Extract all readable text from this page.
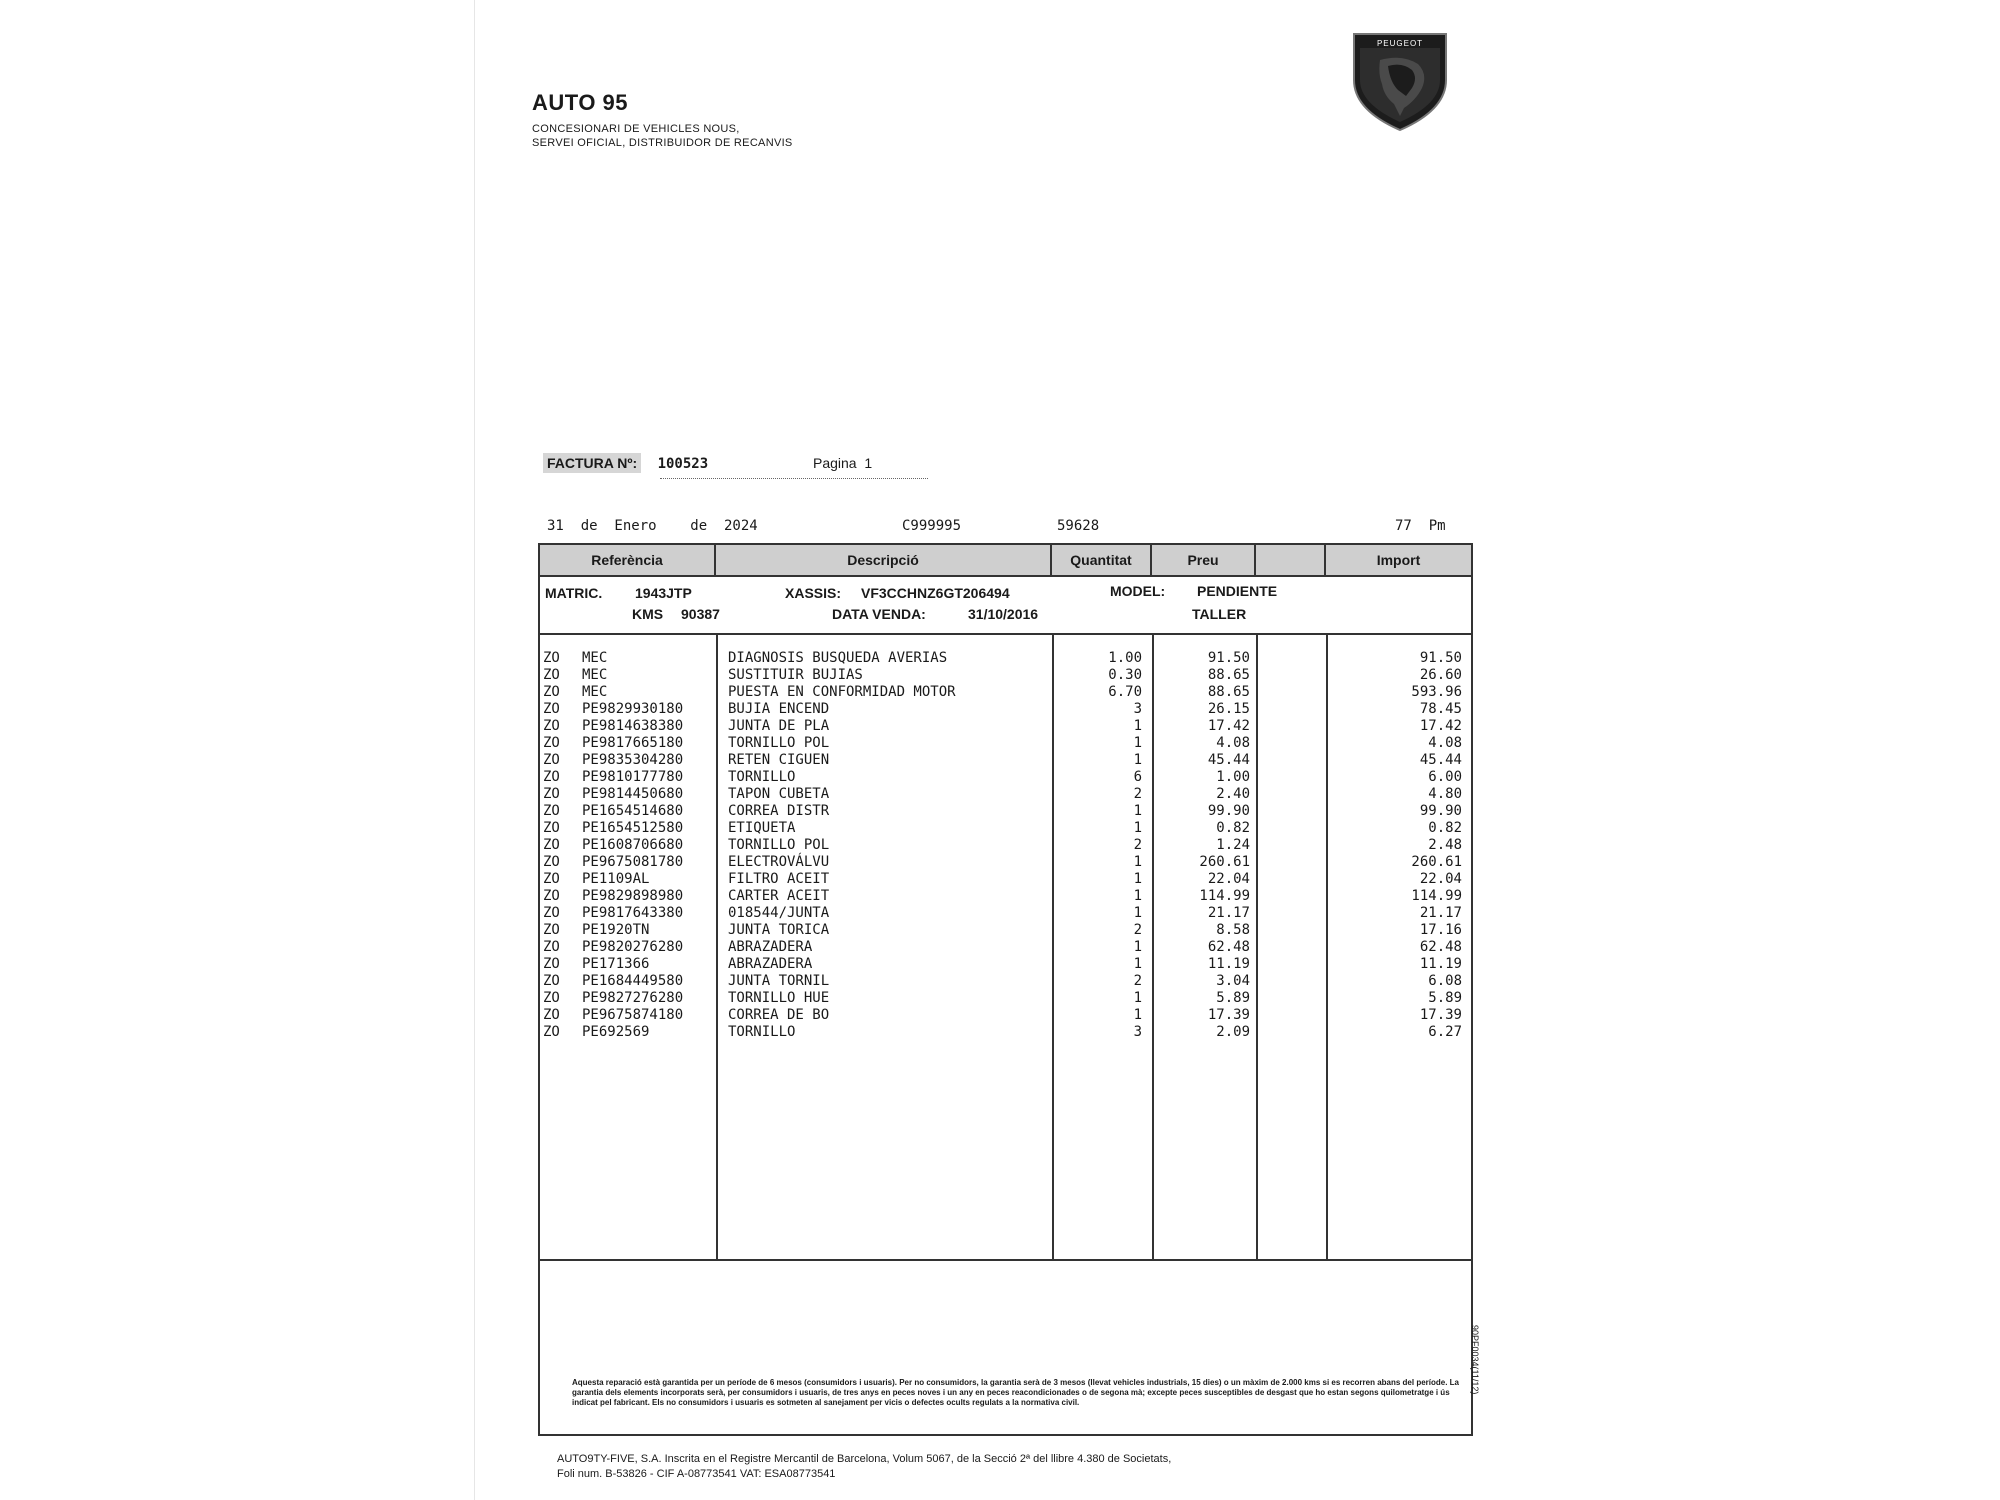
AUTO 95
CONCESIONARI DE VEHICLES NOUS,
SERVEI OFICIAL, DISTRIBUIDOR DE RECANVIS
PEUGEOT
FACTURA Nº: 100523	Pagina 1
31  de  Enero    de  2024	C999995	59628	77  Pm
Referència	Descripció	Quantitat	Preu	Import
MATRIC. 1943JTP	XASSIS: VF3CCHNZ6GT206494	MODEL: PENDIENTE
KMS 90387	DATA VENDA:	31/10/2016	TALLER
ZO MEC	DIAGNOSIS BUSQUEDA AVERIAS	1.00	91.50	91.50
ZO MEC	SUSTITUIR BUJIAS	0.30	88.65	26.60
ZO MEC	PUESTA EN CONFORMIDAD MOTOR	6.70	88.65	593.96
ZO PE9829930180	BUJIA ENCEND	3	26.15	78.45
ZO PE9814638380	JUNTA DE PLA	1	17.42	17.42
ZO PE9817665180	TORNILLO POL	1	4.08	4.08
ZO PE9835304280	RETEN CIGUEN	1	45.44	45.44
ZO PE9810177780	TORNILLO	6	1.00	6.00
ZO PE9814450680	TAPON CUBETA	2	2.40	4.80
ZO PE1654514680	CORREA DISTR	1	99.90	99.90
ZO PE1654512580	ETIQUETA	1	0.82	0.82
ZO PE1608706680	TORNILLO POL	2	1.24	2.48
ZO PE9675081780	ELECTROVÁLVU	1	260.61	260.61
ZO PE1109AL	FILTRO ACEIT	1	22.04	22.04
ZO PE9829898980	CARTER ACEIT	1	114.99	114.99
ZO PE9817643380	018544/JUNTA	1	21.17	21.17
ZO PE1920TN	JUNTA TORICA	2	8.58	17.16
ZO PE9820276280	ABRAZADERA	1	62.48	62.48
ZO PE171366	ABRAZADERA	1	11.19	11.19
ZO PE1684449580	JUNTA TORNIL	2	3.04	6.08
ZO PE9827276280	TORNILLO HUE	1	5.89	5.89
ZO PE9675874180	CORREA DE BO	1	17.39	17.39
ZO PE692569	TORNILLO	3	2.09	6.27
Aquesta reparació està garantida per un període de 6 mesos (consumidors i usuaris). Per no consumidors, la garantia serà de 3 mesos (llevat vehicles industrials, 15 dies) o un màxim de 2.000 kms si es recorren abans del període. La garantia dels elements incorporats serà, per consumidors i usuaris, de tres anys en peces noves i un any en peces reacondicionades o de segona mà; excepte peces susceptibles de desgast que ho estan segons quilometratge i ús indicat pel fabricant. Els no consumidors i usuaris es sotmeten al sanejament per vicis o defectes ocults regulats a la normativa civil.
AUTO9TY-FIVE, S.A. Inscrita en el Registre Mercantil de Barcelona, Volum 5067, de la Secció 2ª del llibre 4.380 de Societats,
Foli num. B-53826 - CIF A-08773541 VAT: ESA08773541
90PF0034(11/12)
